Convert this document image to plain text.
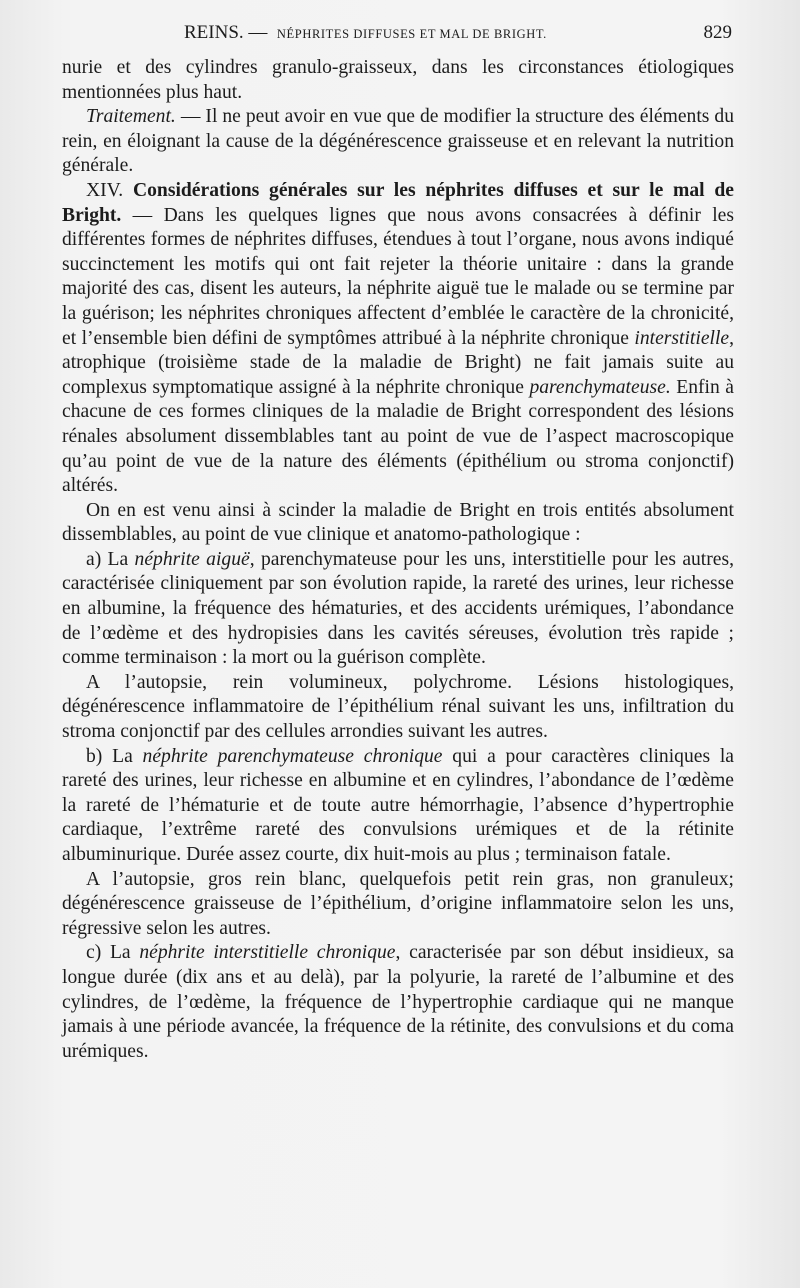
REINS. — NÉPHRITES DIFFUSES ET MAL DE BRIGHT.	829

nurie et des cylindres granulo-graisseux, dans les circonstances étiologiques mentionnées plus haut.

Traitement. — Il ne peut avoir en vue que de modifier la structure des éléments du rein, en éloignant la cause de la dégénérescence graisseuse et en relevant la nutrition générale.

XIV. Considérations générales sur les néphrites diffuses et sur le mal de Bright. — Dans les quelques lignes que nous avons consacrées à définir les différentes formes de néphrites diffuses, étendues à tout l’organe, nous avons indiqué succinctement les motifs qui ont fait rejeter la théorie unitaire : dans la grande majorité des cas, disent les auteurs, la néphrite aiguë tue le malade ou se termine par la guérison; les néphrites chroniques affectent d’emblée le caractère de la chronicité, et l’ensemble bien défini de symptômes attribué à la néphrite chronique interstitielle, atrophique (troisième stade de la maladie de Bright) ne fait jamais suite au complexus symptomatique assigné à la néphrite chronique parenchymateuse. Enfin à chacune de ces formes cliniques de la maladie de Bright correspondent des lésions rénales absolument dissemblables tant au point de vue de l’aspect macroscopique qu’au point de vue de la nature des éléments (épithélium ou stroma conjonctif) altérés.

On en est venu ainsi à scinder la maladie de Bright en trois entités absolument dissemblables, au point de vue clinique et anatomo-pathologique :

a) La néphrite aiguë, parenchymateuse pour les uns, interstitielle pour les autres, caractérisée cliniquement par son évolution rapide, la rareté des urines, leur richesse en albumine, la fréquence des hématuries, et des accidents urémiques, l’abondance de l’œdème et des hydropisies dans les cavités séreuses, évolution très rapide ; comme terminaison : la mort ou la guérison complète.

A l’autopsie, rein volumineux, polychrome. Lésions histologiques, dégénérescence inflammatoire de l’épithélium rénal suivant les uns, infiltration du stroma conjonctif par des cellules arrondies suivant les autres.

b) La néphrite parenchymateuse chronique qui a pour caractères cliniques la rareté des urines, leur richesse en albumine et en cylindres, l’abondance de l’œdème la rareté de l’hématurie et de toute autre hémorrhagie, l’absence d’hypertrophie cardiaque, l’extrême rareté des convulsions urémiques et de la rétinite albuminurique. Durée assez courte, dix huit-mois au plus ; terminaison fatale.

A l’autopsie, gros rein blanc, quelquefois petit rein gras, non granuleux; dégénérescence graisseuse de l’épithélium, d’origine inflammatoire selon les uns, régressive selon les autres.

c) La néphrite interstitielle chronique, caracterisée par son début insidieux, sa longue durée (dix ans et au delà), par la polyurie, la rareté de l’albumine et des cylindres, de l’œdème, la fréquence de l’hypertrophie cardiaque qui ne manque jamais à une période avancée, la fréquence de la rétinite, des convulsions et du coma urémiques.
